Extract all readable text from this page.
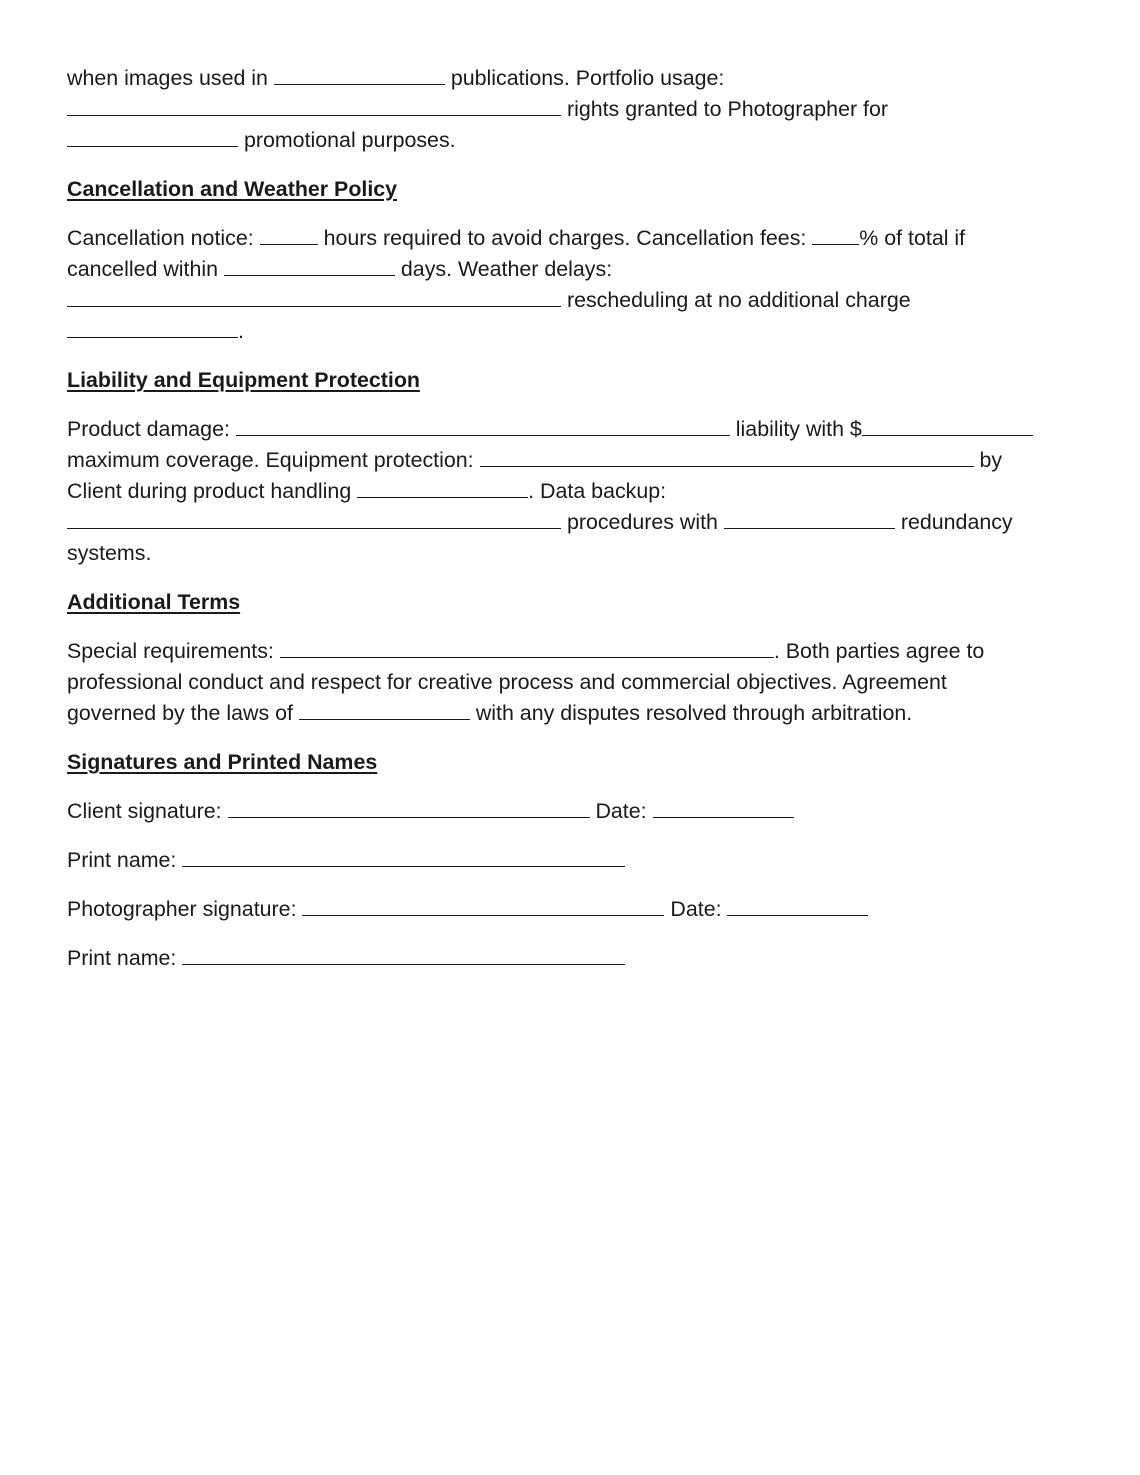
when images used in	publications. Portfolio usage:

rights granted to Photographer for

promotional purposes.

Cancellation and Weather Policy

Cancellation notice:	hours required to avoid charges. Cancellation fees: % of total if

cancelled within	days. Weather delays:

rescheduling at no additional charge

.

Liability and Equipment Protection

Product damage:	liability with $

maximum coverage. Equipment protection:	by

Client during product handling	. Data backup:

procedures with	redundancy

systems.

Additional Terms

Special requirements:	. Both parties agree to

professional conduct and respect for creative process and commercial objectives. Agreement

governed by the laws of	with any disputes resolved through arbitration.

Signatures and Printed Names

Client signature:	Date:

Print name:

Photographer signature:	Date:

Print name:
